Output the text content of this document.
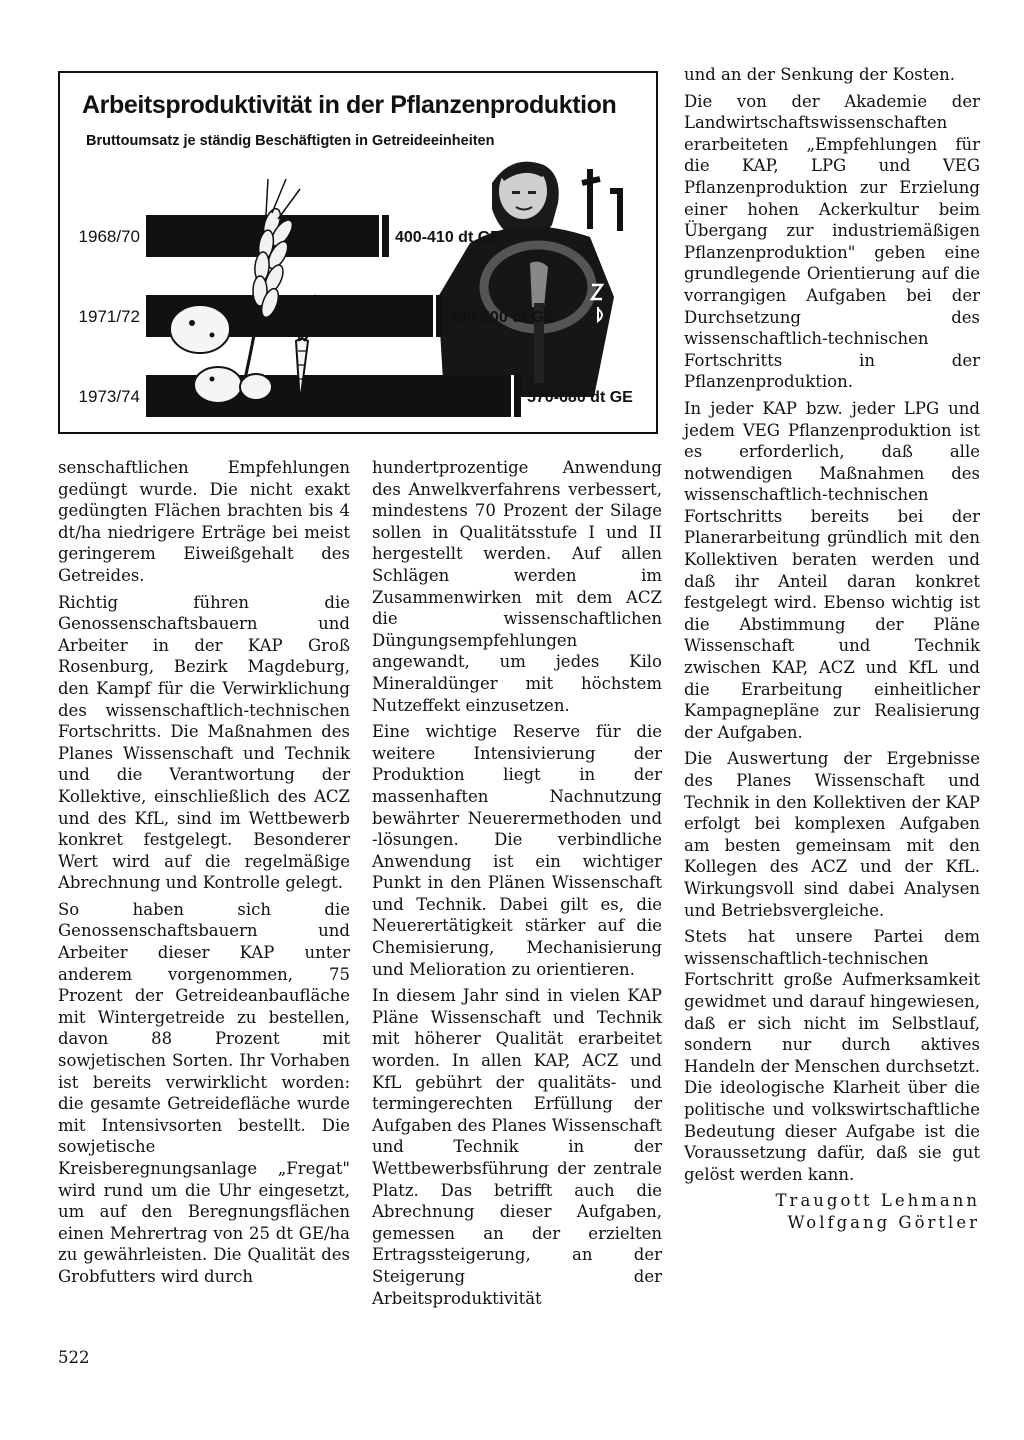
1968/70
1971/72
1973/74
400-410 dt GE
490-500 dt GE
570-680 dt GE
Arbeitsproduktivität in der Pflanzenproduktion
Bruttoumsatz je ständig Beschäftigten in Getreideeinheiten

senschaftlichen Empfehlungen gedüngt wurde. Die nicht exakt gedüngten Flächen brachten bis 4 dt/ha niedrigere Erträge bei meist geringerem Eiweißgehalt des Getreides.

Richtig führen die Genossenschaftsbauern und Arbeiter in der KAP Groß Rosenburg, Bezirk Magdeburg, den Kampf für die Verwirklichung des wissenschaftlich-technischen Fortschritts. Die Maßnahmen des Planes Wissenschaft und Technik und die Verantwortung der Kollektive, einschließlich des ACZ und des KfL, sind im Wettbewerb konkret festgelegt. Besonderer Wert wird auf die regelmäßige Abrechnung und Kontrolle gelegt.

So haben sich die Genossenschaftsbauern und Arbeiter dieser KAP unter anderem vorgenommen, 75 Prozent der Getreideanbaufläche mit Wintergetreide zu bestellen, davon 88 Prozent mit sowjetischen Sorten. Ihr Vorhaben ist bereits verwirklicht worden: die gesamte Getreidefläche wurde mit Intensivsorten bestellt. Die sowjetische Kreisberegnungsanlage „Fregat" wird rund um die Uhr eingesetzt, um auf den Beregnungsflächen einen Mehrertrag von 25 dt GE/ha zu gewährleisten. Die Qualität des Grobfutters wird durch

hundertprozentige Anwendung des Anwelkverfahrens verbessert, mindestens 70 Prozent der Silage sollen in Qualitätsstufe I und II hergestellt werden. Auf allen Schlägen werden im Zusammenwirken mit dem ACZ die wissenschaftlichen Düngungsempfehlungen angewandt, um jedes Kilo Mineraldünger mit höchstem Nutzeffekt einzusetzen.

Eine wichtige Reserve für die weitere Intensivierung der Produktion liegt in der massenhaften Nachnutzung bewährter Neuerermethoden und -lösungen. Die verbindliche Anwendung ist ein wichtiger Punkt in den Plänen Wissenschaft und Technik. Dabei gilt es, die Neuerertätigkeit stärker auf die Chemisierung, Mechanisierung und Melioration zu orientieren.

In diesem Jahr sind in vielen KAP Pläne Wissenschaft und Technik mit höherer Qualität erarbeitet worden. In allen KAP, ACZ und KfL gebührt der qualitäts- und termingerechten Erfüllung der Aufgaben des Planes Wissenschaft und Technik in der Wettbewerbsführung der zentrale Platz. Das betrifft auch die Abrechnung dieser Aufgaben, gemessen an der erzielten Ertragssteigerung, an der Steigerung der Arbeitsproduktivität

und an der Senkung der Kosten.

Die von der Akademie der Landwirtschaftswissenschaften erarbeiteten „Empfehlungen für die KAP, LPG und VEG Pflanzenproduktion zur Erzielung einer hohen Ackerkultur beim Übergang zur industriemäßigen Pflanzenproduktion" geben eine grundlegende Orientierung auf die vorrangigen Aufgaben bei der Durchsetzung des wissenschaftlich-technischen Fortschritts in der Pflanzenproduktion.

In jeder KAP bzw. jeder LPG und jedem VEG Pflanzenproduktion ist es erforderlich, daß alle notwendigen Maßnahmen des wissenschaftlich-technischen Fortschritts bereits bei der Planerarbeitung gründlich mit den Kollektiven beraten werden und daß ihr Anteil daran konkret festgelegt wird. Ebenso wichtig ist die Abstimmung der Pläne Wissenschaft und Technik zwischen KAP, ACZ und KfL und die Erarbeitung einheitlicher Kampagnepläne zur Realisierung der Aufgaben.

Die Auswertung der Ergebnisse des Planes Wissenschaft und Technik in den Kollektiven der KAP erfolgt bei komplexen Aufgaben am besten gemeinsam mit den Kollegen des ACZ und der KfL. Wirkungsvoll sind dabei Analysen und Betriebsvergleiche.

Stets hat unsere Partei dem wissenschaftlich-technischen Fortschritt große Aufmerksamkeit gewidmet und darauf hingewiesen, daß er sich nicht im Selbstlauf, sondern nur durch aktives Handeln der Menschen durchsetzt. Die ideologische Klarheit über die politische und volkswirtschaftliche Bedeutung dieser Aufgabe ist die Voraussetzung dafür, daß sie gut gelöst werden kann.

Traugott Lehmann

Wolfgang Görtler

522
